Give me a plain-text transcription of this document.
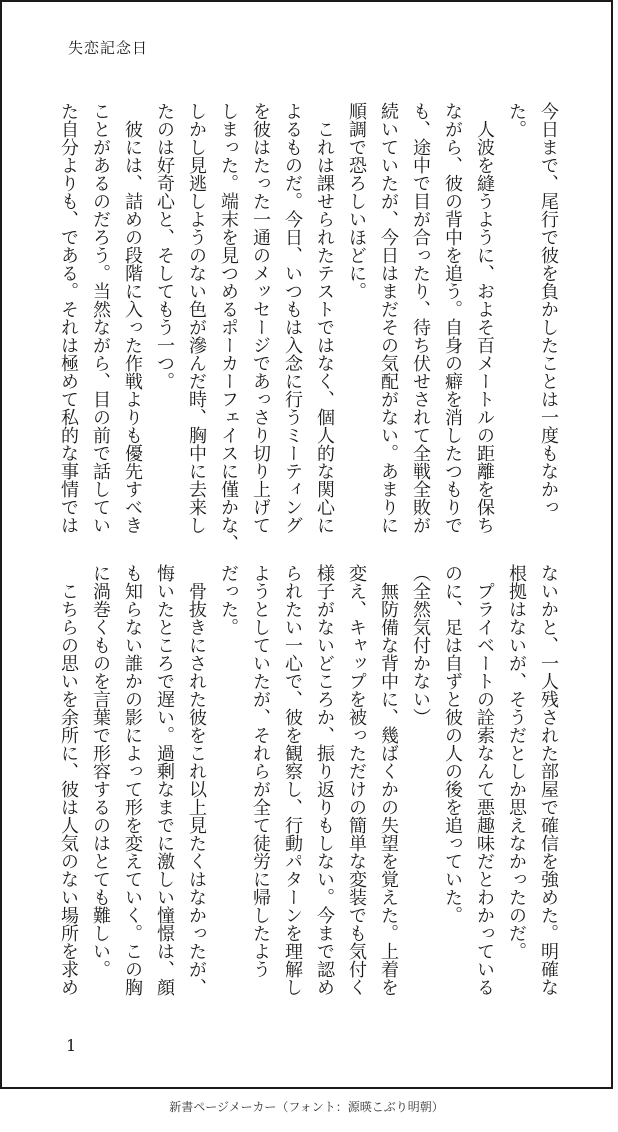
失恋記念日

今日まで、尾行で彼を負かしたことは一度もなかっ

た。

　人波を縫うように、およそ百メートルの距離を保ち

ながら、彼の背中を追う。自身の癖を消したつもりで

も、途中で目が合ったり、待ち伏せされて全戦全敗が

続いていたが、今日はまだその気配がない。あまりに

順調で恐ろしいほどに。

　これは課せられたテストではなく、個人的な関心に

よるものだ。今日、いつもは入念に行うミーティング

を彼はたった一通のメッセージであっさり切り上げて

しまった。端末を見つめるポーカーフェイスに僅かな、

しかし見逃しようのない色が滲んだ時、胸中に去来し

たのは好奇心と、そしてもう一つ。

　彼には、詰めの段階に入った作戦よりも優先すべき

ことがあるのだろう。当然ながら、目の前で話してい

た自分よりも、である。それは極めて私的な事情では

ないかと、一人残された部屋で確信を強めた。明確な

根拠はないが、そうだとしか思えなかったのだ。

　プライベートの詮索なんて悪趣味だとわかっている

のに、足は自ずと彼の人の後を追っていた。

（全然気付かない）

　無防備な背中に、幾ばくかの失望を覚えた。上着を

変え、キャップを被っただけの簡単な変装でも気付く

様子がないどころか、振り返りもしない。今まで認め

られたい一心で、彼を観察し、行動パターンを理解し

ようとしていたが、それらが全て徒労に帰したよう

だった。

　骨抜きにされた彼をこれ以上見たくはなかったが、

悔いたところで遅い。過剰なまでに激しい憧憬は、顔

も知らない誰かの影によって形を変えていく。この胸

に渦巻くものを言葉で形容するのはとても難しい。

　こちらの思いを余所に、彼は人気のない場所を求め

1
新書ページメーカー（フォント：源暎こぶり明朝）
